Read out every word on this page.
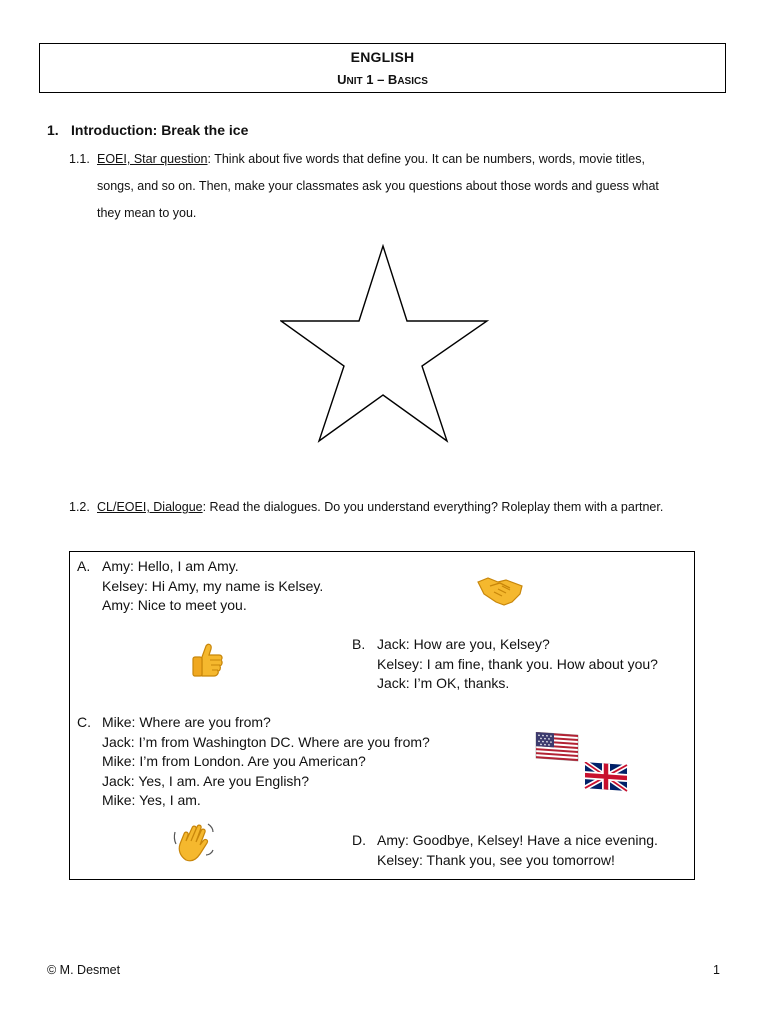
ENGLISH
UNIT 1 – BASICS
1. Introduction: Break the ice
1.1. EOEI, Star question: Think about five words that define you. It can be numbers, words, movie titles,
songs, and so on. Then, make your classmates ask you questions about those words and guess what
they mean to you.
1.2. CL/EOEI, Dialogue: Read the dialogues. Do you understand everything? Roleplay them with a partner.
A. Amy: Hello, I am Amy.
Kelsey: Hi Amy, my name is Kelsey.
Amy: Nice to meet you.
B. Jack: How are you, Kelsey?
Kelsey: I am fine, thank you. How about you?
Jack: I’m OK, thanks.
C. Mike: Where are you from?
Jack: I’m from Washington DC. Where are you from?
Mike: I’m from London. Are you American?
Jack: Yes, I am. Are you English?
Mike: Yes, I am.
D. Amy: Goodbye, Kelsey! Have a nice evening.
Kelsey: Thank you, see you tomorrow!
© M. Desmet	1
